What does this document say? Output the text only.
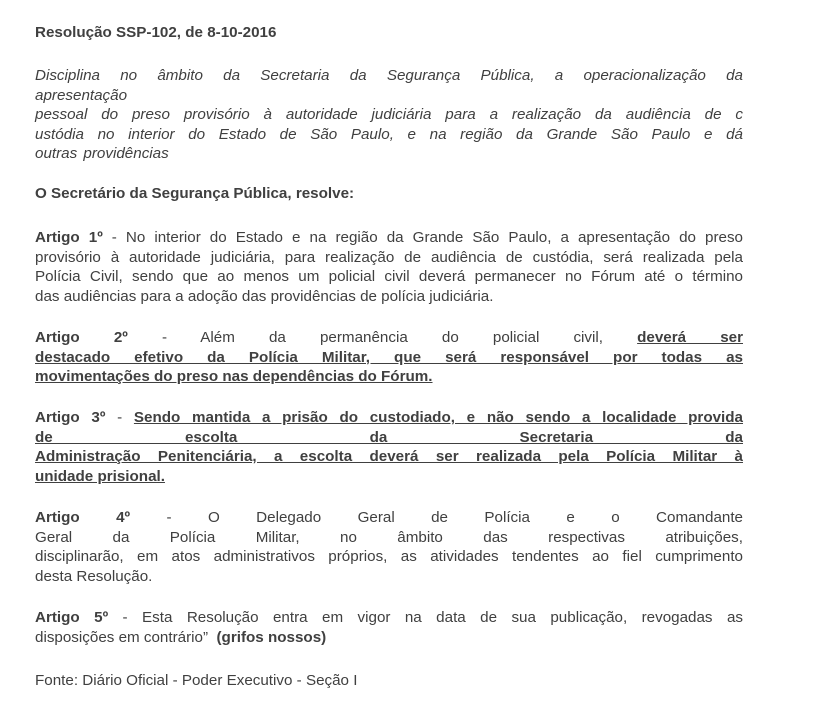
Resolução SSP-102, de 8-10-2016

Disciplina no âmbito da Secretaria da Segurança Pública, a operacionalização da
apresentação
pessoal do preso provisório à autoridade judiciária para a realização da audiência de c
ustódia no interior do Estado de São Paulo, e na região da Grande São Paulo e dá
outras providências

O Secretário da Segurança Pública, resolve:

Artigo 1º - No interior do Estado e na região da Grande São Paulo, a apresentação do preso
provisório à autoridade judiciária, para realização de audiência de custódia, será realizada pela
Polícia Civil, sendo que ao menos um policial civil deverá permanecer no Fórum até o término
das audiências para a adoção das providências de polícia judiciária.
Artigo 2º - Além da permanência do policial civil, deverá ser
destacado efetivo da Polícia Militar, que será responsável por todas as
movimentações do preso nas dependências do Fórum.
Artigo 3º - Sendo mantida a prisão do custodiado, e não sendo a localidade provida
de escolta da Secretaria da
Administração Penitenciária, a escolta deverá ser realizada pela Polícia Militar à
unidade prisional.
Artigo 4º - O Delegado Geral de Polícia e o Comandante
Geral da Polícia Militar, no âmbito das respectivas atribuições,
disciplinarão, em atos administrativos próprios, as atividades tendentes ao fiel cumprimento
desta Resolução.
Artigo 5º - Esta Resolução entra em vigor na data de sua publicação, revogadas as
disposições em contrário” (grifos nossos)

Fonte: Diário Oficial - Poder Executivo - Seção I
